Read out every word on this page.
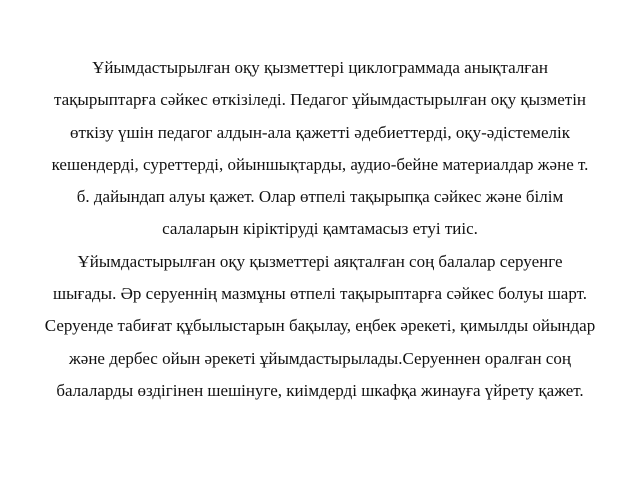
Ұйымдастырылған оқу қызметтері циклограммада анықталған
тақырыптарға сәйкес өткізіледі. Педагог ұйымдастырылған оқу қызметін
өткізу үшін педагог алдын-ала қажетті әдебиеттерді, оқу-әдістемелік
кешендерді, суреттерді, ойыншықтарды, аудио-бейне материалдар және т.
б. дайындап алуы қажет. Олар өтпелі тақырыпқа сәйкес және білім
салаларын кіріктіруді қамтамасыз етуі тиіс.
Ұйымдастырылған оқу қызметтері аяқталған соң балалар серуенге
шығады. Әр серуеннің мазмұны өтпелі тақырыптарға сәйкес болуы шарт.
Серуенде табиғат құбылыстарын бақылау, еңбек әрекеті, қимылды ойындар
және дербес ойын әрекеті ұйымдастырылады.Серуеннен оралған соң
балаларды өздігінен шешінуге, киімдерді шкафқа жинауға үйрету қажет.
